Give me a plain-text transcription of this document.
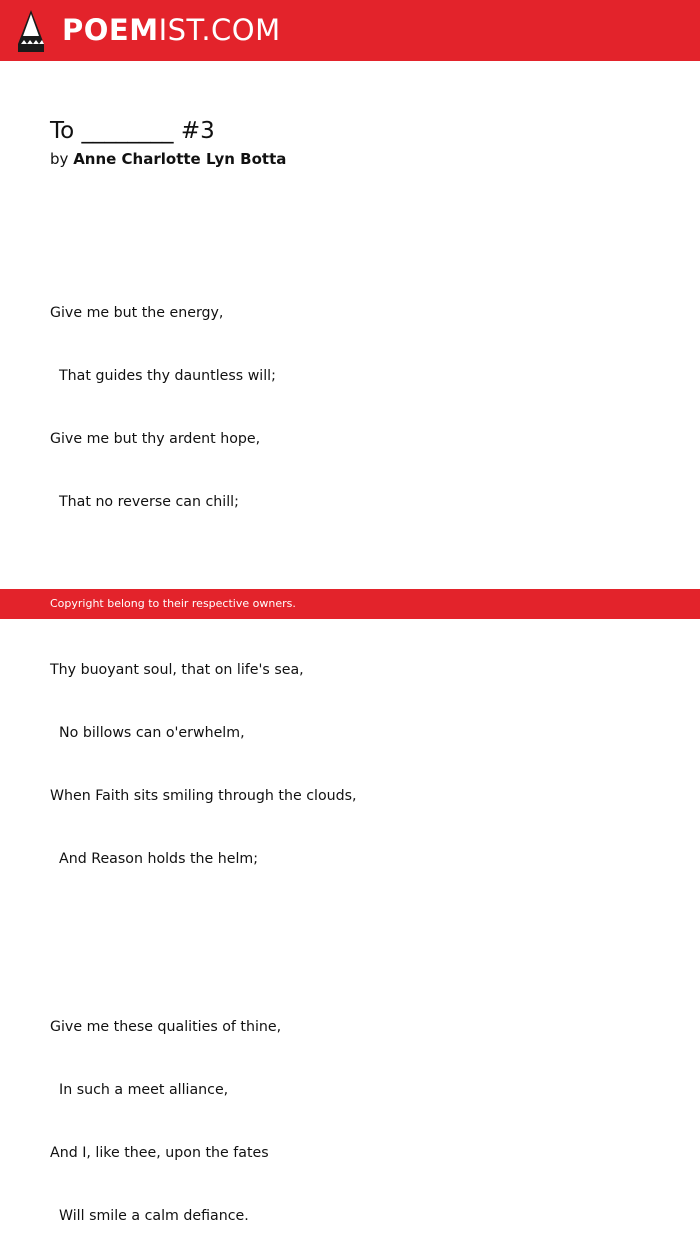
POEMIST.COM
To ________ #3
by Anne Charlotte Lyn Botta

Give me but the energy,

That guides thy dauntless will;

Give me but thy ardent hope,

That no reverse can chill;

Thy buoyant soul, that on life's sea,

No billows can o'erwhelm,

When Faith sits smiling through the clouds,

And Reason holds the helm;

Give me these qualities of thine,

In such a meet alliance,

And I, like thee, upon the fates

Will smile a calm defiance.

Copyright belong to their respective owners.
